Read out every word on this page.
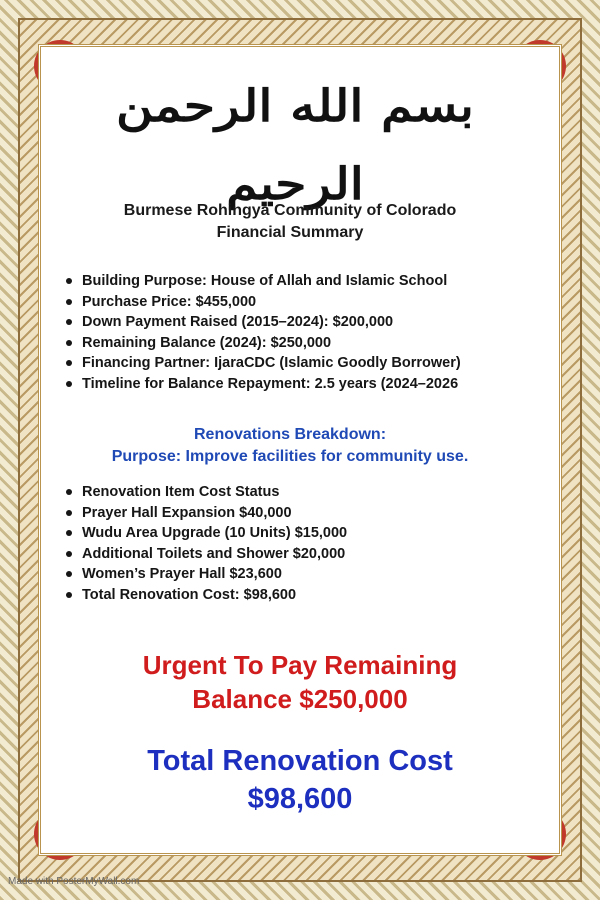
بسم الله الرحمن الرحيم
Burmese Rohingya Community of Colorado
Financial Summary
Building Purpose: House of Allah and Islamic School
Purchase Price: $455,000
Down Payment Raised (2015–2024): $200,000
Remaining Balance (2024): $250,000
Financing Partner: IjaraCDC (Islamic Goodly Borrower)
Timeline for Balance Repayment: 2.5 years (2024–2026
Renovations Breakdown:
Purpose: Improve facilities for community use.
Renovation Item Cost Status
Prayer Hall Expansion $40,000
Wudu Area Upgrade (10 Units) $15,000
Additional Toilets and Shower $20,000
Women’s Prayer Hall $23,600
Total Renovation Cost: $98,600
Urgent To Pay Remaining
Balance $250,000
Total Renovation Cost
$98,600
Made with PosterMyWall.com
